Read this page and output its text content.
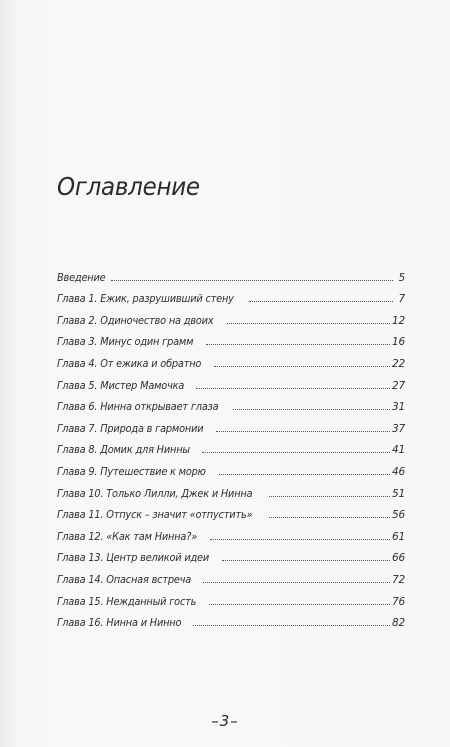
Оглавление
Введение	5
Глава 1. Ежик, разрушивший стену	7
Глава 2. Одиночество на двоих	12
Глава 3. Минус один грамм	16
Глава 4. От ежика и обратно	22
Глава 5. Мистер Мамочка	27
Глава 6. Нинна открывает глаза	31
Глава 7. Природа в гармонии	37
Глава 8. Домик для Нинны	41
Глава 9. Путешествие к морю	46
Глава 10. Только Лилли, Джек и Нинна	51
Глава 11. Отпуск – значит «отпустить»	56
Глава 12. «Как там Нинна?»	61
Глава 13. Центр великой идеи	66
Глава 14. Опасная встреча	72
Глава 15. Нежданный гость	76
Глава 16. Нинна и Нинно	82
–3–
